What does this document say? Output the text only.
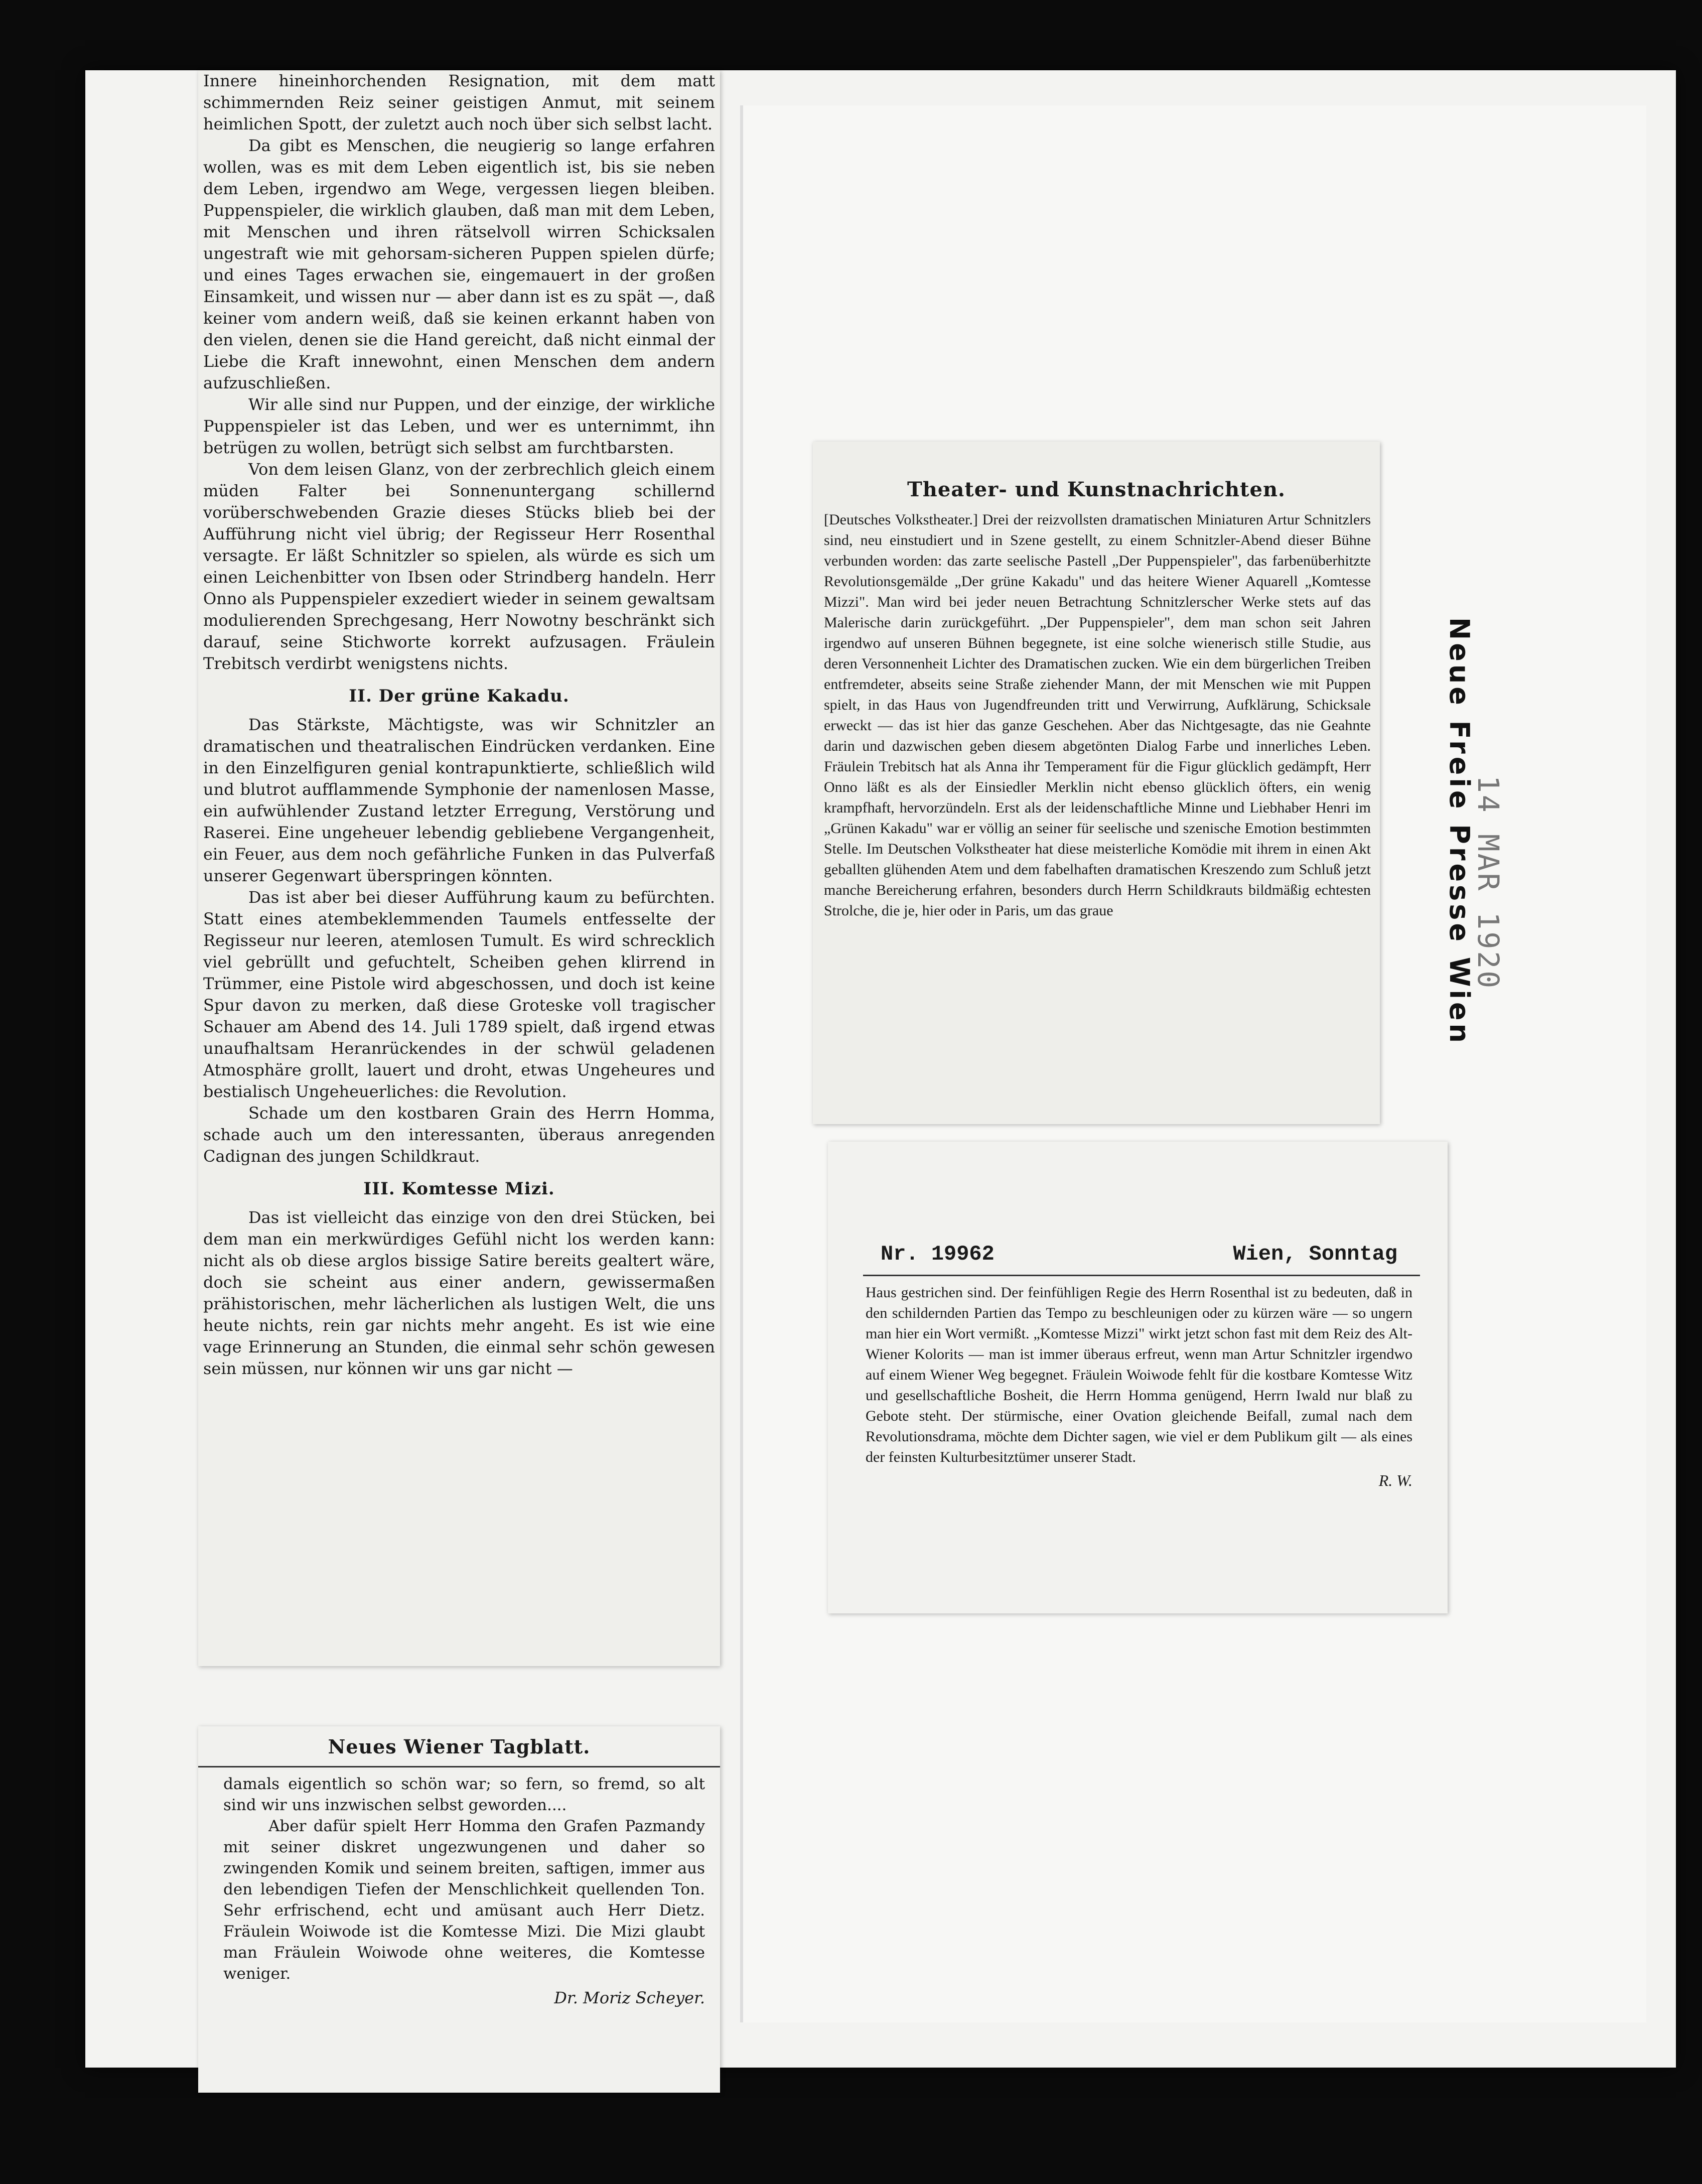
Innere hineinhorchenden Resignation, mit dem matt schimmernden Reiz seiner geistigen Anmut, mit seinem heimlichen Spott, der zuletzt auch noch über sich selbst lacht.

Da gibt es Menschen, die neugierig so lange erfahren wollen, was es mit dem Leben eigentlich ist, bis sie neben dem Leben, irgendwo am Wege, vergessen liegen bleiben. Puppenspieler, die wirklich glauben, daß man mit dem Leben, mit Menschen und ihren rätselvoll wirren Schicksalen ungestraft wie mit gehorsam-sicheren Puppen spielen dürfe; und eines Tages erwachen sie, eingemauert in der großen Einsamkeit, und wissen nur — aber dann ist es zu spät —, daß keiner vom andern weiß, daß sie keinen erkannt haben von den vielen, denen sie die Hand gereicht, daß nicht einmal der Liebe die Kraft innewohnt, einen Menschen dem andern aufzuschließen.

Wir alle sind nur Puppen, und der einzige, der wirkliche Puppenspieler ist das Leben, und wer es unternimmt, ihn betrügen zu wollen, betrügt sich selbst am furchtbarsten.

Von dem leisen Glanz, von der zerbrechlich gleich einem müden Falter bei Sonnenuntergang schillernd vorüberschwebenden Grazie dieses Stücks blieb bei der Aufführung nicht viel übrig; der Regisseur Herr Rosenthal versagte. Er läßt Schnitzler so spielen, als würde es sich um einen Leichenbitter von Ibsen oder Strindberg handeln. Herr Onno als Puppenspieler exzediert wieder in seinem gewaltsam modulierenden Sprechgesang, Herr Nowotny beschränkt sich darauf, seine Stichworte korrekt aufzusagen. Fräulein Trebitsch verdirbt wenigstens nichts.

II. Der grüne Kakadu.

Das Stärkste, Mächtigste, was wir Schnitzler an dramatischen und theatralischen Eindrücken verdanken. Eine in den Einzelfiguren genial kontrapunktierte, schließlich wild und blutrot aufflammende Symphonie der namenlosen Masse, ein aufwühlender Zustand letzter Erregung, Verstörung und Raserei. Eine ungeheuer lebendig gebliebene Vergangenheit, ein Feuer, aus dem noch gefährliche Funken in das Pulverfaß unserer Gegenwart überspringen könnten.

Das ist aber bei dieser Aufführung kaum zu befürchten. Statt eines atembeklemmenden Taumels entfesselte der Regisseur nur leeren, atemlosen Tumult. Es wird schrecklich viel gebrüllt und gefuchtelt, Scheiben gehen klirrend in Trümmer, eine Pistole wird abgeschossen, und doch ist keine Spur davon zu merken, daß diese Groteske voll tragischer Schauer am Abend des 14. Juli 1789 spielt, daß irgend etwas unaufhaltsam Heranrückendes in der schwül geladenen Atmosphäre grollt, lauert und droht, etwas Ungeheures und bestialisch Ungeheuerliches: die Revolution.

Schade um den kostbaren Grain des Herrn Homma, schade auch um den interessanten, überaus anregenden Cadignan des jungen Schildkraut.

III. Komtesse Mizi.

Das ist vielleicht das einzige von den drei Stücken, bei dem man ein merkwürdiges Gefühl nicht los werden kann: nicht als ob diese arglos bissige Satire bereits gealtert wäre, doch sie scheint aus einer andern, gewissermaßen prähistorischen, mehr lächerlichen als lustigen Welt, die uns heute nichts, rein gar nichts mehr angeht. Es ist wie eine vage Erinnerung an Stunden, die einmal sehr schön gewesen sein müssen, nur können wir uns gar nicht —

Neues Wiener Tagblatt.

damals eigentlich so schön war; so fern, so fremd, so alt sind wir uns inzwischen selbst geworden....

Aber dafür spielt Herr Homma den Grafen Pazmandy mit seiner diskret ungezwungenen und daher so zwingenden Komik und seinem breiten, saftigen, immer aus den lebendigen Tiefen der Menschlichkeit quellenden Ton. Sehr erfrischend, echt und amüsant auch Herr Dietz. Fräulein Woiwode ist die Komtesse Mizi. Die Mizi glaubt man Fräulein Woiwode ohne weiteres, die Komtesse weniger.

Dr. Moriz Scheyer.
Theater- und Kunstnachrichten.
[Deutsches Volkstheater.] Drei der reizvollsten dramatischen Miniaturen Artur Schnitzlers sind, neu einstudiert und in Szene gestellt, zu einem Schnitzler-Abend dieser Bühne verbunden worden: das zarte seelische Pastell „Der Puppenspieler", das farbenüberhitzte Revolutionsgemälde „Der grüne Kakadu" und das heitere Wiener Aquarell „Komtesse Mizzi". Man wird bei jeder neuen Betrachtung Schnitzlerscher Werke stets auf das Malerische darin zurückgeführt. „Der Puppenspieler", dem man schon seit Jahren irgendwo auf unseren Bühnen begegnete, ist eine solche wienerisch stille Studie, aus deren Versonnenheit Lichter des Dramatischen zucken. Wie ein dem bürgerlichen Treiben entfremdeter, abseits seine Straße ziehender Mann, der mit Menschen wie mit Puppen spielt, in das Haus von Jugendfreunden tritt und Verwirrung, Aufklärung, Schicksale erweckt — das ist hier das ganze Geschehen. Aber das Nichtgesagte, das nie Geahnte darin und dazwischen geben diesem abgetönten Dialog Farbe und innerliches Leben. Fräulein Trebitsch hat als Anna ihr Temperament für die Figur glücklich gedämpft, Herr Onno läßt es als der Einsiedler Merklin nicht ebenso glücklich öfters, ein wenig krampfhaft, hervorzündeln. Erst als der leidenschaftliche Minne und Liebhaber Henri im „Grünen Kakadu" war er völlig an seiner für seelische und szenische Emotion bestimmten Stelle. Im Deutschen Volkstheater hat diese meisterliche Komödie mit ihrem in einen Akt geballten glühenden Atem und dem fabelhaften dramatischen Kreszendo zum Schluß jetzt manche Bereicherung erfahren, besonders durch Herrn Schildkrauts bildmäßig echtesten Strolche, die je, hier oder in Paris, um das graue
Nr. 19962	Wien, Sonntag
Haus gestrichen sind. Der feinfühligen Regie des Herrn Rosenthal ist zu bedeuten, daß in den schildernden Partien das Tempo zu beschleunigen oder zu kürzen wäre — so ungern man hier ein Wort vermißt. „Komtesse Mizzi" wirkt jetzt schon fast mit dem Reiz des Alt-Wiener Kolorits — man ist immer überaus erfreut, wenn man Artur Schnitzler irgendwo auf einem Wiener Weg begegnet. Fräulein Woiwode fehlt für die kostbare Komtesse Witz und gesellschaftliche Bosheit, die Herrn Homma genügend, Herrn Iwald nur blaß zu Gebote steht. Der stürmische, einer Ovation gleichende Beifall, zumal nach dem Revolutionsdrama, möchte dem Dichter sagen, wie viel er dem Publikum gilt — als eines der feinsten Kulturbesitztümer unserer Stadt.
R. W.
Neue Freie Presse Wien
14 MAR 1920
